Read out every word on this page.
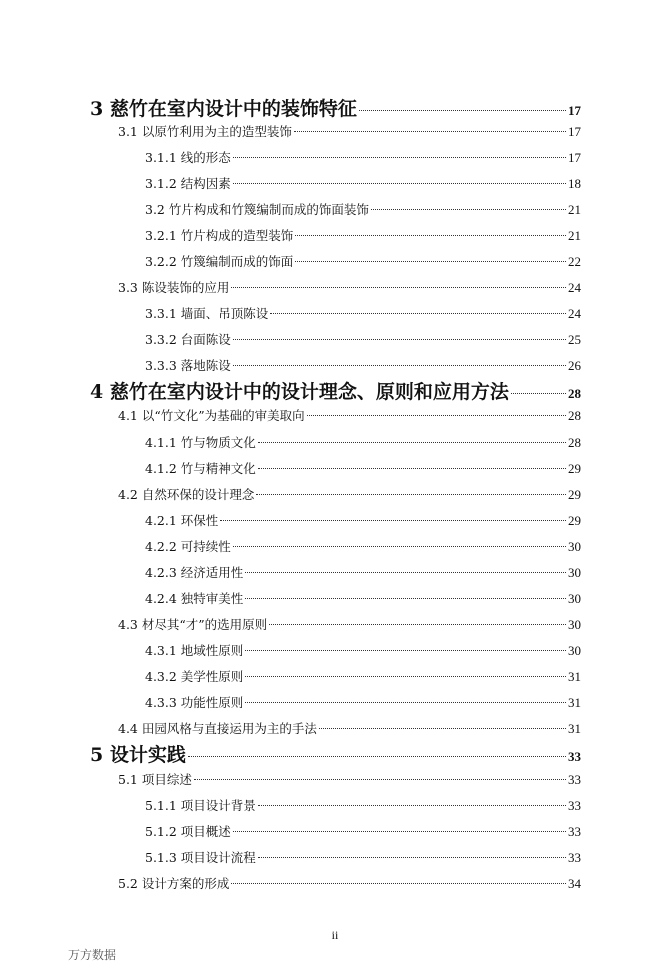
3 慈竹在室内设计中的装饰特征	17
3.1 以原竹利用为主的造型装饰	17
3.1.1 线的形态	17
3.1.2 结构因素	18
3.2 竹片构成和竹篾编制而成的饰面装饰	21
3.2.1 竹片构成的造型装饰	21
3.2.2 竹篾编制而成的饰面	22
3.3 陈设装饰的应用	24
3.3.1 墙面、吊顶陈设	24
3.3.2 台面陈设	25
3.3.3 落地陈设	26
4 慈竹在室内设计中的设计理念、原则和应用方法	28
4.1 以“竹文化”为基础的审美取向	28
4.1.1 竹与物质文化	28
4.1.2 竹与精神文化	29
4.2 自然环保的设计理念	29
4.2.1 环保性	29
4.2.2 可持续性	30
4.2.3 经济适用性	30
4.2.4 独特审美性	30
4.3 材尽其“才”的选用原则	30
4.3.1 地域性原则	30
4.3.2 美学性原则	31
4.3.3 功能性原则	31
4.4 田园风格与直接运用为主的手法	31
5 设计实践	33
5.1 项目综述	33
5.1.1 项目设计背景	33
5.1.2 项目概述	33
5.1.3 项目设计流程	33
5.2 设计方案的形成	34
ii
万方数据
